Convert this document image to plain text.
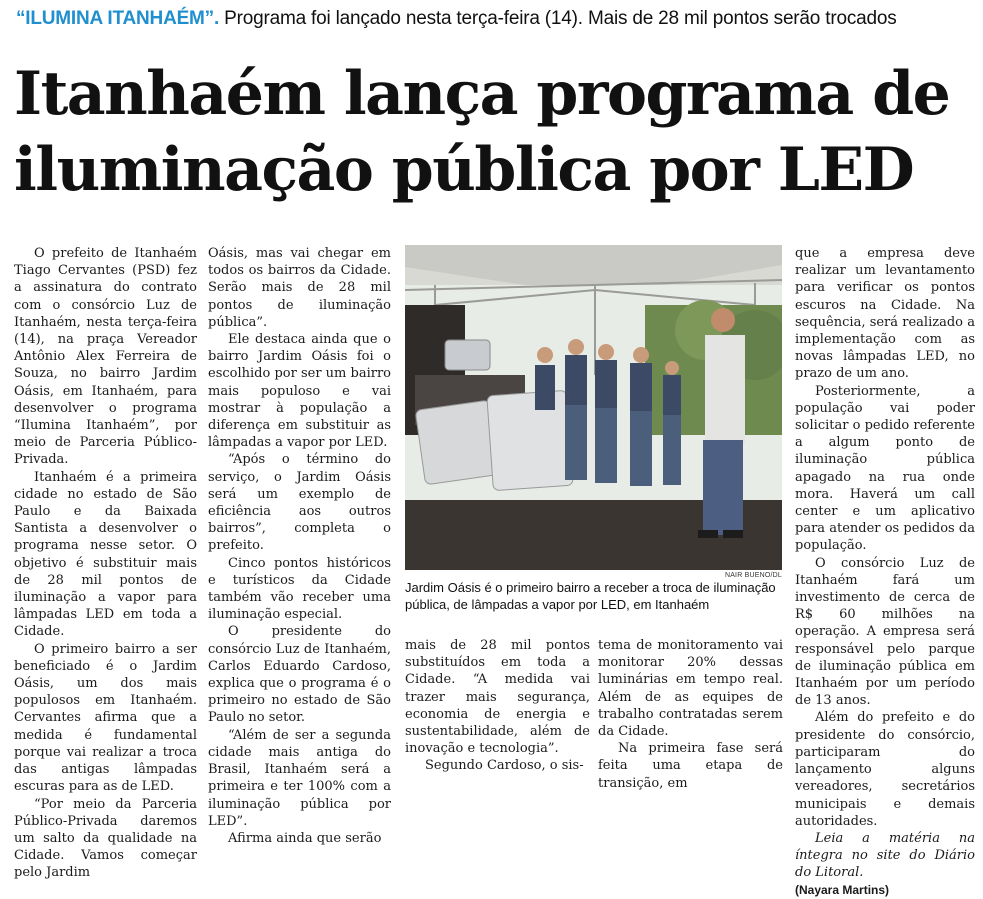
“ILUMINA ITANHAÉM”. Programa foi lançado nesta terça-feira (14). Mais de 28 mil pontos serão trocados
Itanhaém lança programa de iluminação pública por LED

O prefeito de Itanhaém Tiago Cervantes (PSD) fez a assinatura do contrato com o consórcio Luz de Itanhaém, nesta terça-feira (14), na praça Vereador Antônio Alex Ferreira de Souza, no bairro Jardim Oásis, em Itanhaém, para desenvolver o programa “Ilumina Itanhaém”, por meio de Parceria Público-Privada.

Itanhaém é a primeira cidade no estado de São Paulo e da Baixada Santista a desenvolver o programa nesse setor. O objetivo é substituir mais de 28 mil pontos de iluminação a vapor para lâmpadas LED em toda a Cidade.

O primeiro bairro a ser beneficiado é o Jardim Oásis, um dos mais populosos em Itanhaém. Cervantes afirma que a medida é fundamental porque vai realizar a troca das antigas lâmpadas escuras para as de LED.

“Por meio da Parceria Público-Privada daremos um salto da qualidade na Cidade. Vamos começar pelo Jardim

Oásis, mas vai chegar em todos os bairros da Cidade. Serão mais de 28 mil pontos de iluminação pública”.

Ele destaca ainda que o bairro Jardim Oásis foi o escolhido por ser um bairro mais populoso e vai mostrar à população a diferença em substituir as lâmpadas a vapor por LED.

“Após o término do serviço, o Jardim Oásis será um exemplo de eficiência aos outros bairros”, completa o prefeito.

Cinco pontos históricos e turísticos da Cidade também vão receber uma iluminação especial.

O presidente do consórcio Luz de Itanhaém, Carlos Eduardo Cardoso, explica que o programa é o primeiro no estado de São Paulo no setor.

“Além de ser a segunda cidade mais antiga do Brasil, Itanhaém será a primeira e ter 100% com a iluminação pública por LED”.

Afirma ainda que serão

NAIR BUENO/DL
Jardim Oásis é o primeiro bairro a receber a troca de iluminação pública, de lâmpadas a vapor por LED, em Itanhaém

mais de 28 mil pontos substituídos em toda a Cidade. “A medida vai trazer mais segurança, economia de energia e sustentabilidade, além de inovação e tecnologia”.

Segundo Cardoso, o sis-

tema de monitoramento vai monitorar 20% dessas luminárias em tempo real. Além de as equipes de trabalho contratadas serem da Cidade.

Na primeira fase será feita uma etapa de transição, em

que a empresa deve realizar um levantamento para verificar os pontos escuros na Cidade. Na sequência, será realizado a implementação com as novas lâmpadas LED, no prazo de um ano.

Posteriormente, a população vai poder solicitar o pedido referente a algum ponto de iluminação pública apagado na rua onde mora. Haverá um call center e um aplicativo para atender os pedidos da população.

O consórcio Luz de Itanhaém fará um investimento de cerca de R$ 60 milhões na operação. A empresa será responsável pelo parque de iluminação pública em Itanhaém por um período de 13 anos.

Além do prefeito e do presidente do consórcio, participaram do lançamento alguns vereadores, secretários municipais e demais autoridades.

Leia a matéria na íntegra no site do Diário do Litoral.

(Nayara Martins)
